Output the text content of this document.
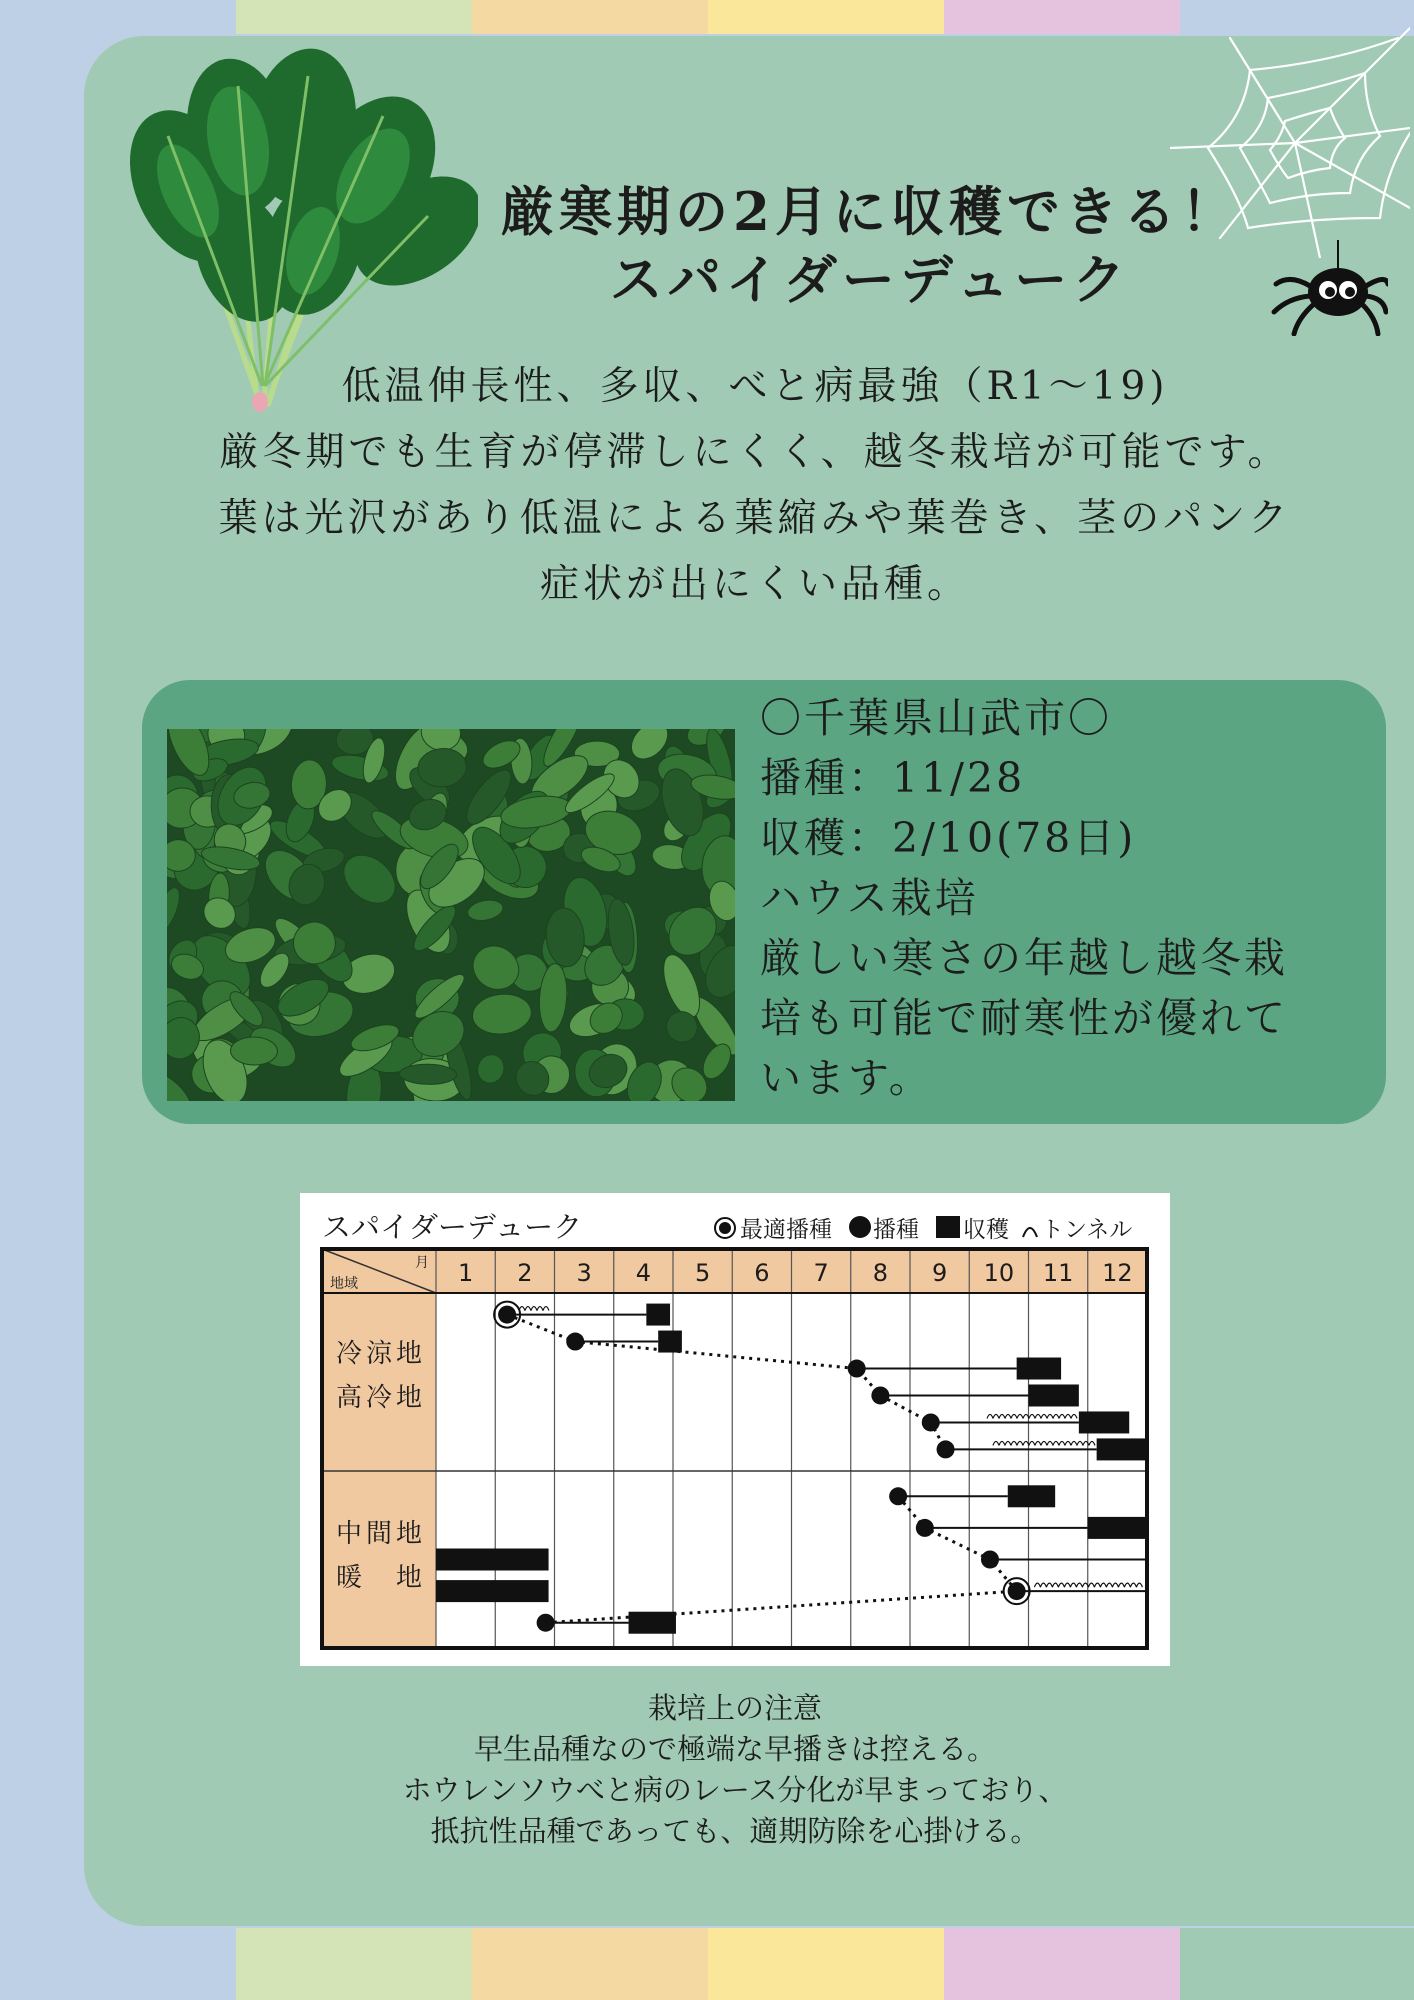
厳寒期の2月に収穫できる！
スパイダーデューク
低温伸長性、多収、べと病最強（R1〜19)
厳冬期でも生育が停滞しにくく、越冬栽培が可能です。
葉は光沢があり低温による葉縮みや葉巻き、茎のパンク
症状が出にくい品種。
〇千葉県山武市〇
播種：11/28
収穫：2/10(78日)
ハウス栽培
厳しい寒さの年越し越冬栽
培も可能で耐寒性が優れて
います。
スパイダーデューク	最適播種 播種 収穫 トンネル
月
地域	1 2 3 4 5 6 7 8 9 10 11 12
冷涼地
高冷地
中間地
暖　地
栽培上の注意
早生品種なので極端な早播きは控える。
ホウレンソウべと病のレース分化が早まっており、
抵抗性品種であっても、適期防除を心掛ける。
